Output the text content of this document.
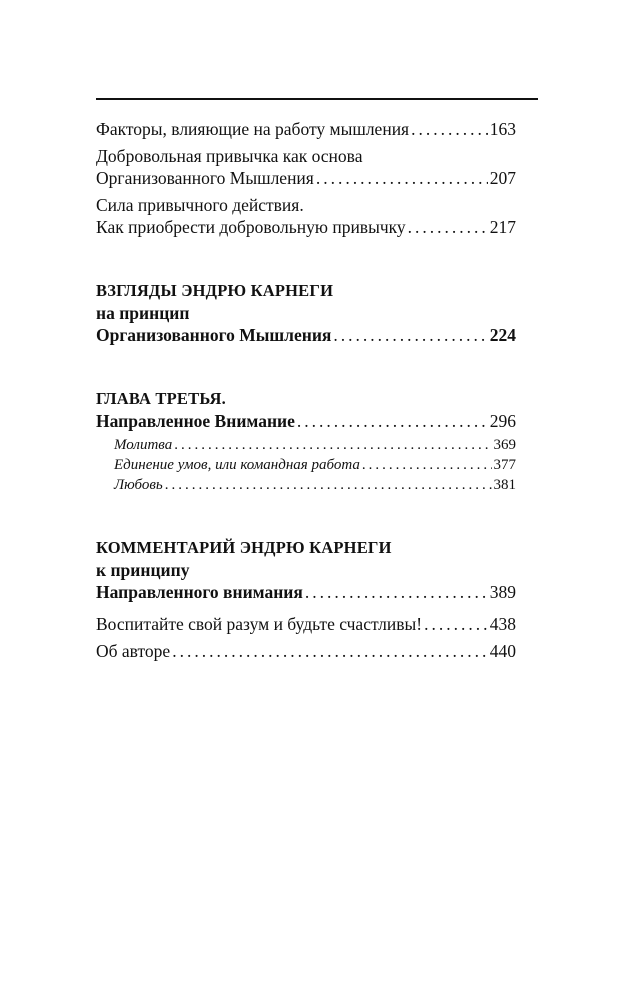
Факторы, влияющие на работу мышления .....	163
Добровольная привычка как основа
Организованного Мышления .....	207
Сила привычного действия.
Как приобрести добровольную привычку .....	217
ВЗГЛЯДЫ ЭНДРЮ КАРНЕГИ
на принцип
Организованного Мышления .....	224
ГЛАВА ТРЕТЬЯ.
Направленное Внимание .....	296
Молитва .....	369
Единение умов, или командная работа .....	377
Любовь .....	381
КОММЕНТАРИЙ ЭНДРЮ КАРНЕГИ
к принципу
Направленного внимания .....	389
Воспитайте свой разум и будьте счастливы! .....	438
Об авторе .....	440
